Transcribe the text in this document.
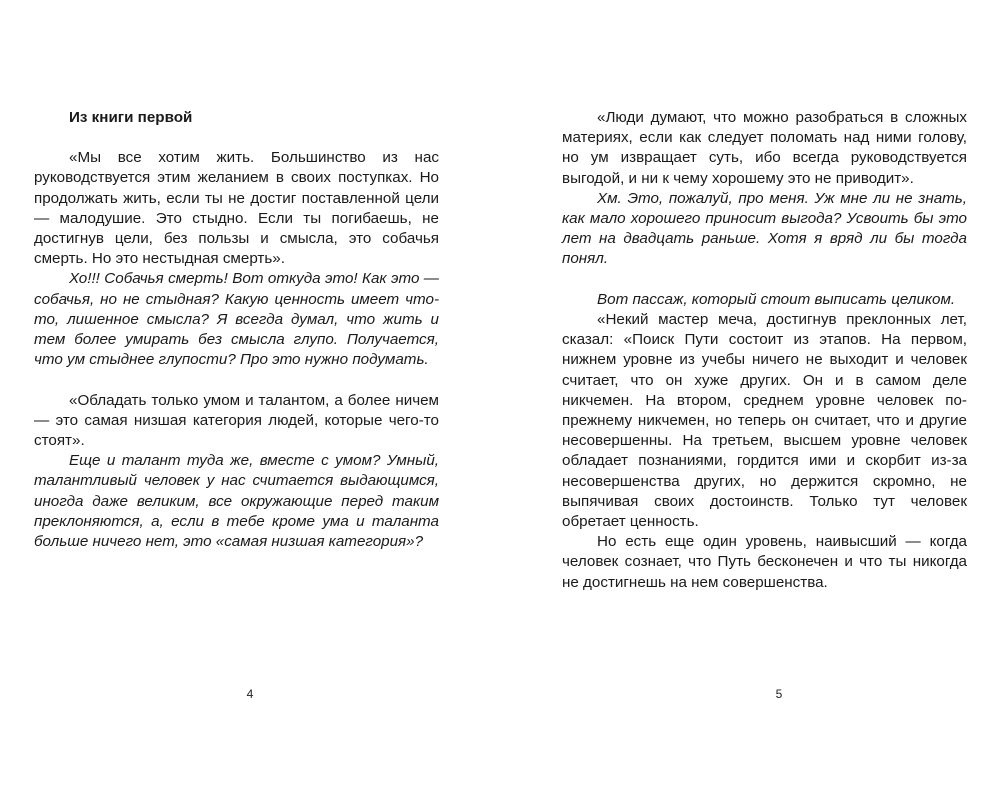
Из книги первой

«Мы все хотим жить. Большинство из нас руководствуется этим желанием в своих поступках. Но продолжать жить, если ты не достиг поставленной цели — малодушие. Это стыдно. Если ты погибаешь, не достигнув цели, без пользы и смысла, это собачья смерть. Но это нестыдная смерть».

Хо!!! Собачья смерть! Вот откуда это! Как это — собачья, но не стыдная? Какую ценность имеет что-то, лишенное смысла? Я всегда думал, что жить и тем более умирать без смысла глупо. Получается, что ум стыднее глупости? Про это нужно подумать.

«Обладать только умом и талантом, а более ничем — это самая низшая категория людей, которые чего-то стоят».

Еще и талант туда же, вместе с умом? Умный, талантливый человек у нас считается выдающимся, иногда даже великим, все окружающие перед таким преклоняются, а, если в тебе кроме ума и таланта больше ничего нет, это «самая низшая категория»?

4

«Люди думают, что можно разобраться в сложных материях, если как следует поломать над ними голову, но ум извращает суть, ибо всегда руководствуется выгодой, и ни к чему хорошему это не приводит».

Хм. Это, пожалуй, про меня. Уж мне ли не знать, как мало хорошего приносит выгода? Усвоить бы это лет на двадцать раньше. Хотя я вряд ли бы тогда понял.

Вот пассаж, который стоит выписать целиком.

«Некий мастер меча, достигнув преклонных лет, сказал: «Поиск Пути состоит из этапов. На первом, нижнем уровне из учебы ничего не выходит и человек считает, что он хуже других. Он и в самом деле никчемен. На втором, среднем уровне человек по-прежнему никчемен, но теперь он считает, что и другие несовершенны. На третьем, высшем уровне человек обладает познаниями, гордится ими и скорбит из-за несовершенства других, но держится скромно, не выпячивая своих достоинств. Только тут человек обретает ценность.

Но есть еще один уровень, наивысший — когда человек сознает, что Путь бесконечен и что ты никогда не достигнешь на нем совершенства.

5
